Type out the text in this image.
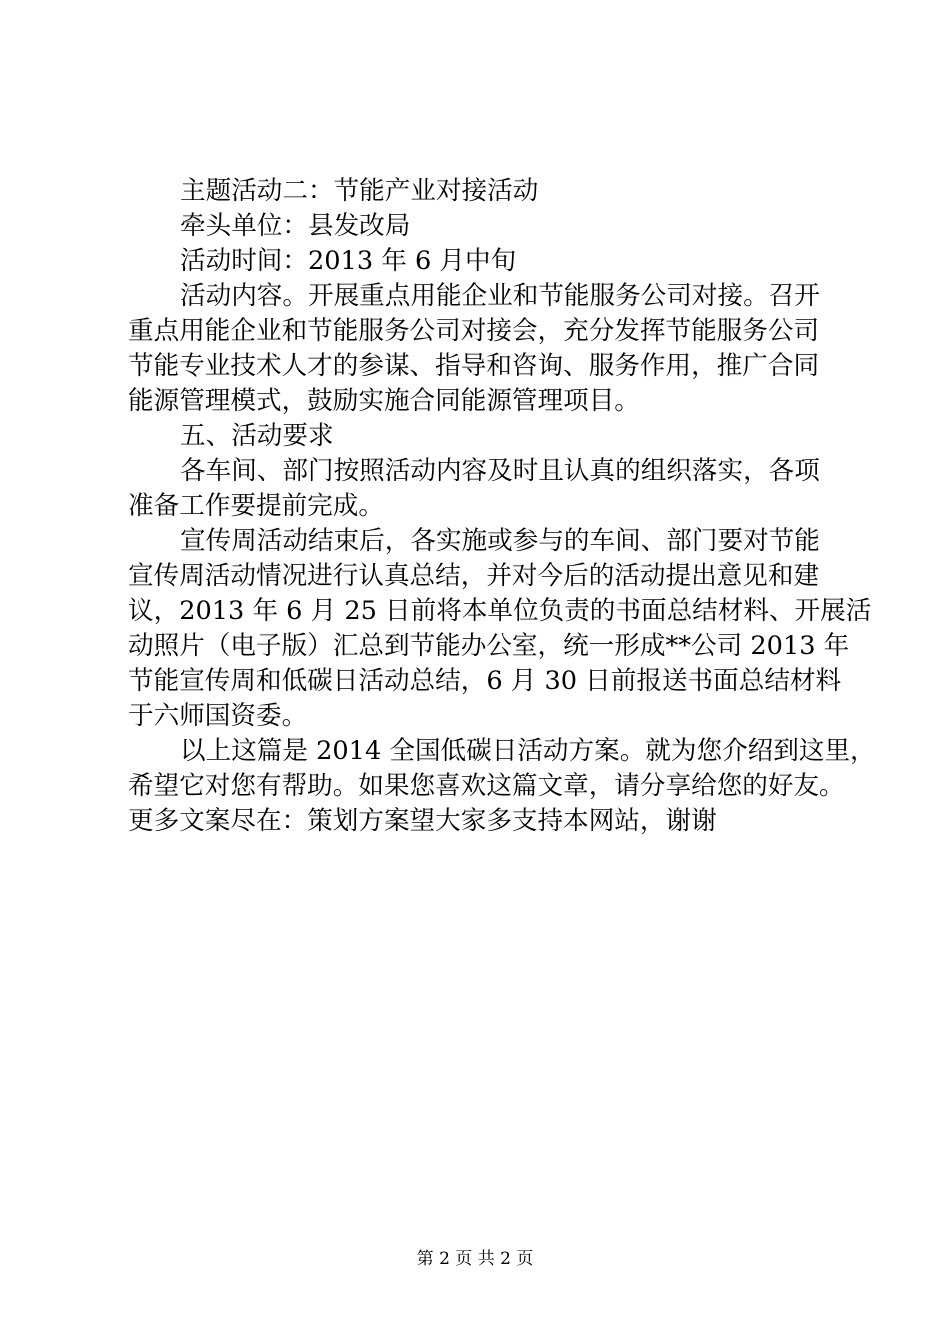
主题活动二：节能产业对接活动
牵头单位：县发改局
活动时间：2013 年 6 月中旬
活动内容。开展重点用能企业和节能服务公司对接。召开
重点用能企业和节能服务公司对接会，充分发挥节能服务公司
节能专业技术人才的参谋、指导和咨询、服务作用，推广合同
能源管理模式，鼓励实施合同能源管理项目。
五、活动要求
各车间、部门按照活动内容及时且认真的组织落实，各项
准备工作要提前完成。
宣传周活动结束后，各实施或参与的车间、部门要对节能
宣传周活动情况进行认真总结，并对今后的活动提出意见和建
议，2013 年 6 月 25 日前将本单位负责的书面总结材料、开展活
动照片（电子版）汇总到节能办公室，统一形成**公司 2013 年
节能宣传周和低碳日活动总结，6 月 30 日前报送书面总结材料
于六师国资委。
以上这篇是 2014 全国低碳日活动方案。就为您介绍到这里，
希望它对您有帮助。如果您喜欢这篇文章，请分享给您的好友。
更多文案尽在：策划方案望大家多支持本网站，谢谢
第 2 页 共 2 页
